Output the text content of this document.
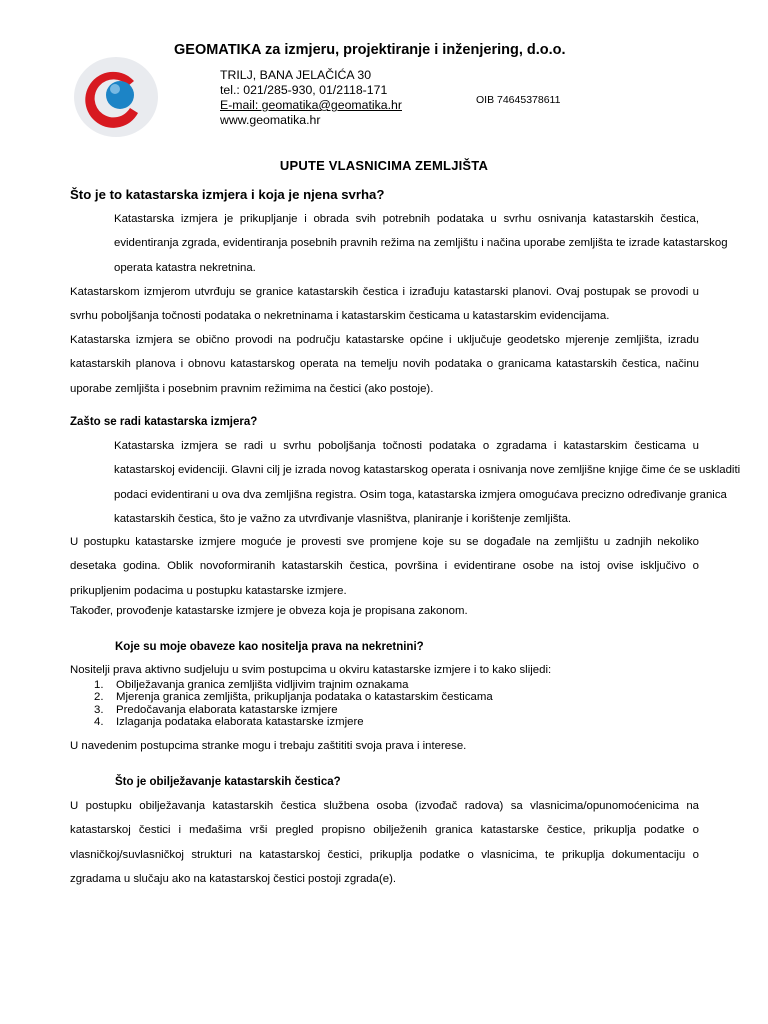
GEOMATIKA za izmjeru, projektiranje i inženjering, d.o.o.
TRILJ, BANA JELAČIĆA 30
tel.: 021/285-930, 01/2118-171
E-mail: geomatika@geomatika.hr
www.geomatika.hr
OIB 74645378611
UPUTE VLASNICIMA ZEMLJIŠTA
Što je to katastarska izmjera i koja je njena svrha?
Katastarska izmjera je prikupljanje i obrada svih potrebnih podataka u svrhu osnivanja katastarskih čestica,
evidentiranja zgrada, evidentiranja posebnih pravnih režima na zemljištu i načina uporabe zemljišta te izrade katastarskog
operata katastra nekretnina.
Katastarskom izmjerom utvrđuju se granice katastarskih čestica i izrađuju katastarski planovi. Ovaj postupak se provodi u
svrhu poboljšanja točnosti podataka o nekretninama i katastarskim česticama u katastarskim evidencijama.
Katastarska izmjera se obično provodi na području katastarske općine i uključuje geodetsko mjerenje zemljišta, izradu
katastarskih planova i obnovu katastarskog operata na temelju novih podataka o granicama katastarskih čestica, načinu
uporabe zemljišta i posebnim pravnim režimima na čestici (ako postoje).
Zašto se radi katastarska izmjera?
Katastarska izmjera se radi u svrhu poboljšanja točnosti podataka o zgradama i katastarskim česticama u
katastarskoj evidenciji. Glavni cilj je izrada novog katastarskog operata i osnivanja nove zemljišne knjige čime će se uskladiti
podaci evidentirani u ova dva zemljišna registra. Osim toga, katastarska izmjera omogućava precizno određivanje granica
katastarskih čestica, što je važno za utvrđivanje vlasništva, planiranje i korištenje zemljišta.
U postupku katastarske izmjere moguće je provesti sve promjene koje su se događale na zemljištu u zadnjih nekoliko
desetaka godina. Oblik novoformiranih katastarskih čestica, površina i evidentirane osobe na istoj ovise isključivo o
prikupljenim podacima u postupku katastarske izmjere.
Također, provođenje katastarske izmjere je obveza koja je propisana zakonom.
Koje su moje obaveze kao nositelja prava na nekretnini?
Nositelji prava aktivno sudjeluju u svim postupcima u okviru katastarske izmjere i to kako slijedi:
1. Obilježavanja granica zemljišta vidljivim trajnim oznakama
2. Mjerenja granica zemljišta, prikupljanja podataka o katastarskim česticama
3. Predočavanja elaborata katastarske izmjere
4. Izlaganja podataka elaborata katastarske izmjere
U navedenim postupcima stranke mogu i trebaju zaštititi svoja prava i interese.
Što je obilježavanje katastarskih čestica?
U postupku obilježavanja katastarskih čestica službena osoba (izvođač radova) sa vlasnicima/opunomoćenicima na
katastarskoj čestici i međašima vrši pregled propisno obilježenih granica katastarske čestice, prikuplja podatke o
vlasničkoj/suvlasničkoj strukturi na katastarskoj čestici, prikuplja podatke o vlasnicima, te prikuplja dokumentaciju o
zgradama u slučaju ako na katastarskoj čestici postoji zgrada(e).
